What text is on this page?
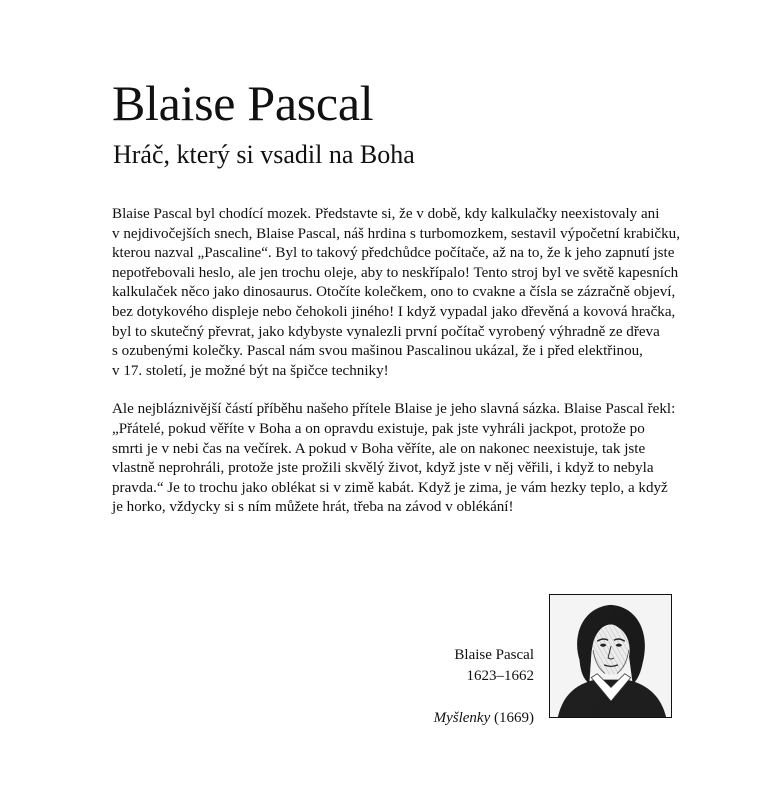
Blaise Pascal
Hráč, který si vsadil na Boha

Blaise Pascal byl chodící mozek. Představte si, že v době, kdy kalkulačky neexistovaly ani
v nejdivočejších snech, Blaise Pascal, náš hrdina s turbomozkem, sestavil výpočetní krabičku,
kterou nazval „Pascaline“. Byl to takový předchůdce počítače, až na to, že k jeho zapnutí jste
nepotřebovali heslo, ale jen trochu oleje, aby to neskřípalo! Tento stroj byl ve světě kapesních
kalkulaček něco jako dinosaurus. Otočíte kolečkem, ono to cvakne a čísla se zázračně objeví,
bez dotykového displeje nebo čehokoli jiného! I když vypadal jako dřevěná a kovová hračka,
byl to skutečný převrat, jako kdybyste vynalezli první počítač vyrobený výhradně ze dřeva
s ozubenými kolečky. Pascal nám svou mašinou Pascalinou ukázal, že i před elektřinou,
v 17. století, je možné být na špičce techniky!

Ale nejbláznivější částí příběhu našeho přítele Blaise je jeho slavná sázka. Blaise Pascal řekl:
„Přátelé, pokud věříte v Boha a on opravdu existuje, pak jste vyhráli jackpot, protože po
smrti je v nebi čas na večírek. A pokud v Boha věříte, ale on nakonec neexistuje, tak jste
vlastně neprohráli, protože jste prožili skvělý život, když jste v něj věřili, i když to nebyla
pravda.“ Je to trochu jako oblékat si v zimě kabát. Když je zima, je vám hezky teplo, a když
je horko, vždycky si s ním můžete hrát, třeba na závod v oblékání!

Blaise Pascal
1623–1662
Myšlenky (1669)
